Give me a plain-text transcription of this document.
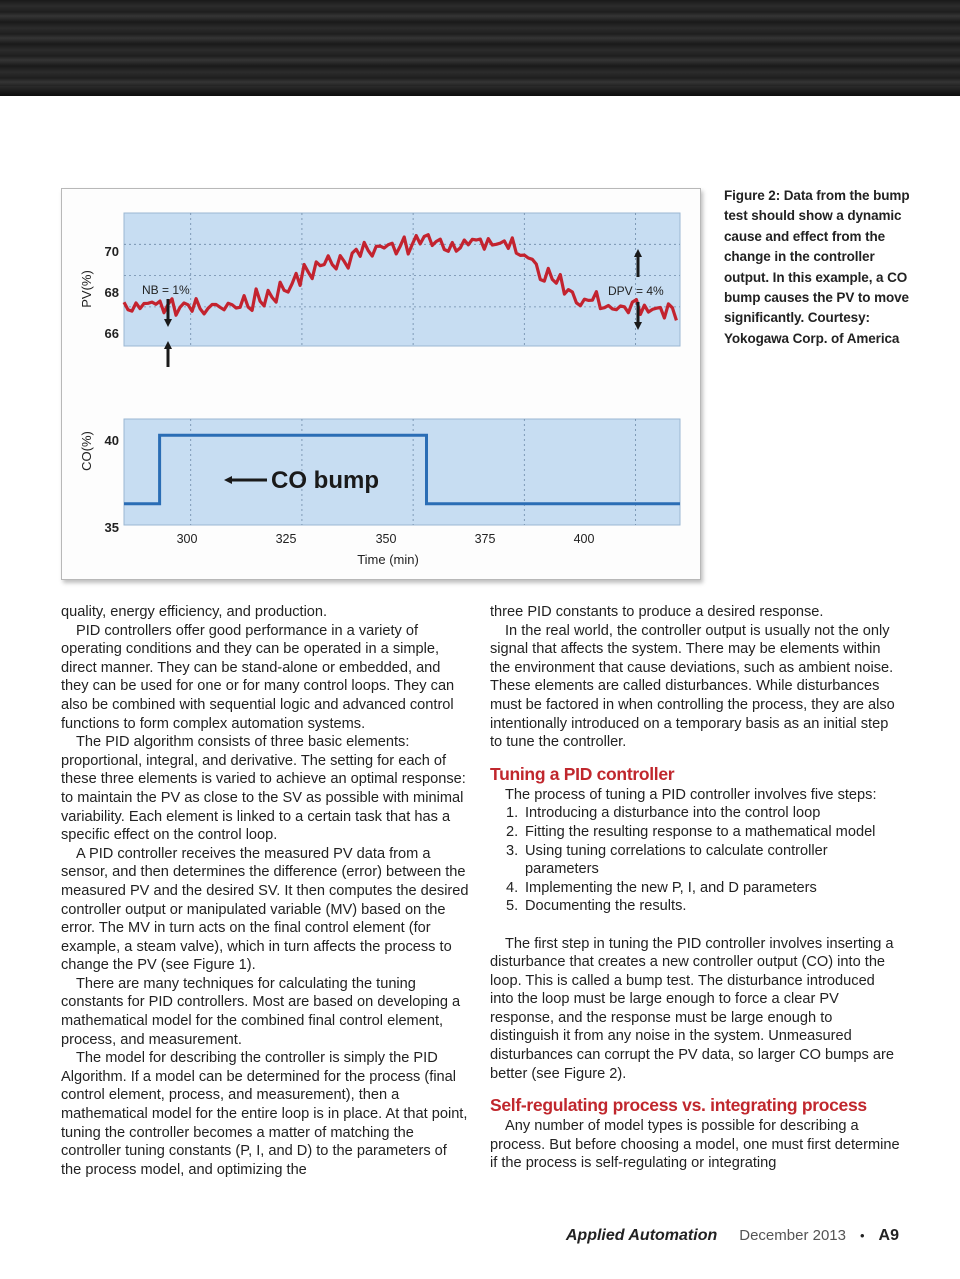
PV(%)
70
68
66
CO(%) 40
35
300	325	350	375	400
Time (min)
NB = 1%	DPV = 4%
CO bump
Figure 2: Data from the bump test should show a dynamic cause and effect from the change in the controller output. In this example, a CO bump causes the PV to move significantly. Courtesy: Yokogawa Corp. of America

quality, energy efficiency, and production.

PID controllers offer good performance in a variety of operating conditions and they can be operated in a simple, direct manner. They can be stand-alone or embedded, and they can be used for one or for many control loops. They can also be combined with sequential logic and advanced control functions to form complex automation systems.

The PID algorithm consists of three basic elements: proportional, integral, and derivative. The setting for each of these three elements is varied to achieve an optimal response: to maintain the PV as close to the SV as possible with minimal variability. Each element is linked to a certain task that has a specific effect on the control loop.

A PID controller receives the measured PV data from a sensor, and then determines the difference (error) between the measured PV and the desired SV. It then computes the desired controller output or manipulated variable (MV) based on the error. The MV in turn acts on the final control element (for example, a steam valve), which in turn affects the process to change the PV (see Figure 1).

There are many techniques for calculating the tuning constants for PID controllers. Most are based on developing a mathematical model for the combined final control element, process, and measurement.

The model for describing the controller is simply the PID Algorithm. If a model can be determined for the process (final control element, process, and measurement), then a mathematical model for the entire loop is in place. At that point, tuning the controller becomes a matter of matching the controller tuning constants (P, I, and D) to the parameters of the process model, and optimizing the

three PID constants to produce a desired response.

In the real world, the controller output is usually not the only signal that affects the system. There may be elements within the environment that cause deviations, such as ambient noise. These elements are called disturbances. While disturbances must be factored in when controlling the process, they are also intentionally introduced on a temporary basis as an initial step to tune the controller.

Tuning a PID controller

The process of tuning a PID controller involves five steps:

1. Introducing a disturbance into the control loop
2. Fitting the resulting response to a mathematical model
3. Using tuning correlations to calculate controller parameters
4. Implementing the new P, I, and D parameters
5. Documenting the results.

The first step in tuning the PID controller involves inserting a disturbance that creates a new controller output (CO) into the loop. This is called a bump test. The disturbance introduced into the loop must be large enough to force a clear PV response, and the response must be large enough to distinguish it from any noise in the system. Unmeasured disturbances can corrupt the PV data, so larger CO bumps are better (see Figure 2).

Self-regulating process vs. integrating process

Any number of model types is possible for describing a process. But before choosing a model, one must first determine if the process is self-regulating or integrating

Applied Automation December 2013 • A9
